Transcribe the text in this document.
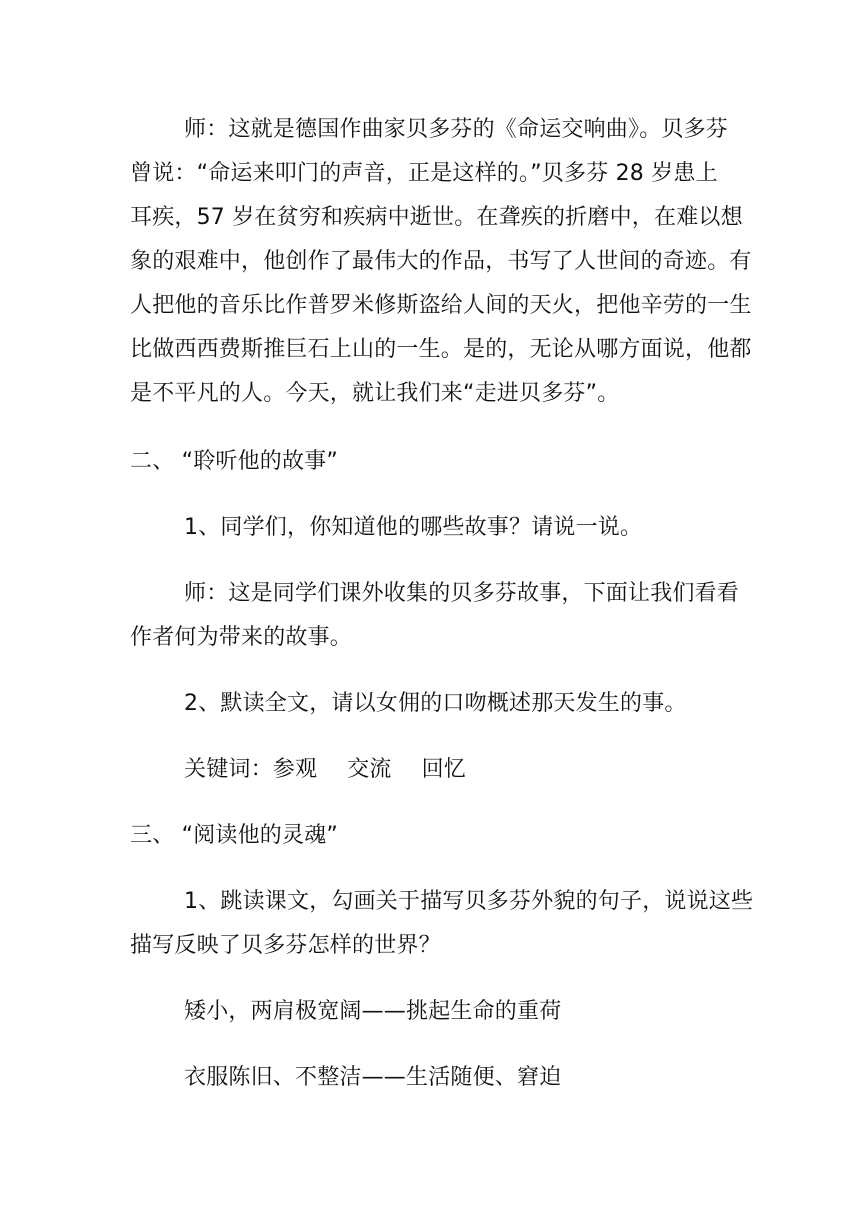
师：这就是德国作曲家贝多芬的《命运交响曲》。贝多芬
曾说：“命运来叩门的声音，正是这样的。”贝多芬 28 岁患上
耳疾，57 岁在贫穷和疾病中逝世。在聋疾的折磨中，在难以想
象的艰难中，他创作了最伟大的作品，书写了人世间的奇迹。有
人把他的音乐比作普罗米修斯盗给人间的天火，把他辛劳的一生
比做西西费斯推巨石上山的一生。是的，无论从哪方面说，他都
是不平凡的人。今天，就让我们来“走进贝多芬”。
二、 “聆听他的故事”
1、同学们，你知道他的哪些故事？请说一说。
师：这是同学们课外收集的贝多芬故事，下面让我们看看
作者何为带来的故事。
2、默读全文，请以女佣的口吻概述那天发生的事。
关键词：参观 交流 回忆
三、 “阅读他的灵魂”
1、跳读课文，勾画关于描写贝多芬外貌的句子，说说这些
描写反映了贝多芬怎样的世界？
矮小，两肩极宽阔——挑起生命的重荷
衣服陈旧、不整洁——生活随便、窘迫
